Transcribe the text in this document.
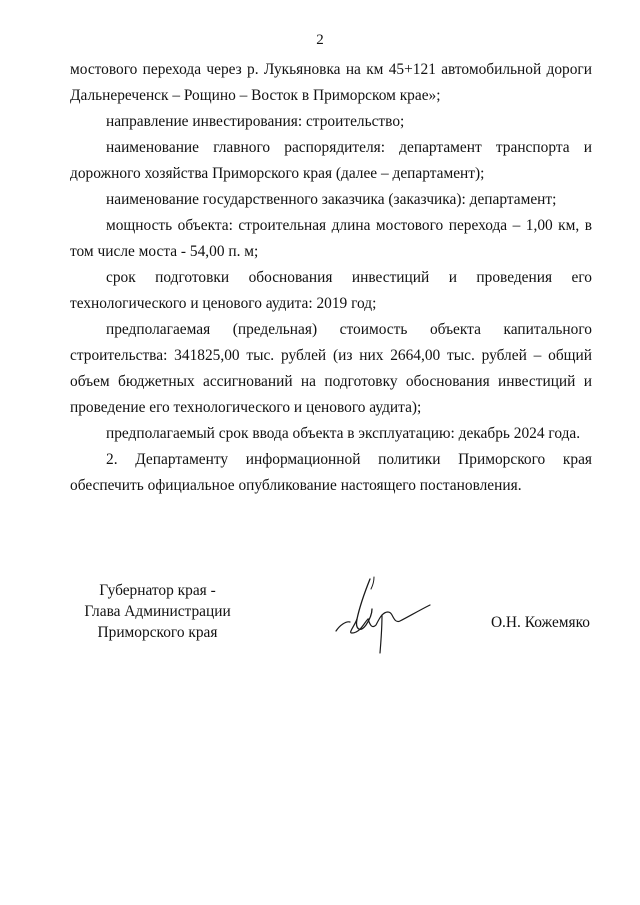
2

мостового перехода через р. Лукьяновка на км 45+121 автомобильной дороги Дальнереченск – Рощино – Восток в Приморском крае»;

направление инвестирования: строительство;

наименование главного распорядителя: департамент транспорта и дорожного хозяйства Приморского края (далее – департамент);

наименование государственного заказчика (заказчика): департамент;

мощность объекта: строительная длина мостового перехода – 1,00 км, в том числе моста - 54,00 п. м;

срок подготовки обоснования инвестиций и проведения его технологического и ценового аудита: 2019 год;

предполагаемая (предельная) стоимость объекта капитального строительства: 341825,00 тыс. рублей (из них 2664,00 тыс. рублей – общий объем бюджетных ассигнований на подготовку обоснования инвестиций и проведение его технологического и ценового аудита);

предполагаемый срок ввода объекта в эксплуатацию: декабрь 2024 года.

2. Департаменту информационной политики Приморского края обеспечить официальное опубликование настоящего постановления.

Губернатор края -
Глава Администрации
Приморского края
О.Н. Кожемяко
